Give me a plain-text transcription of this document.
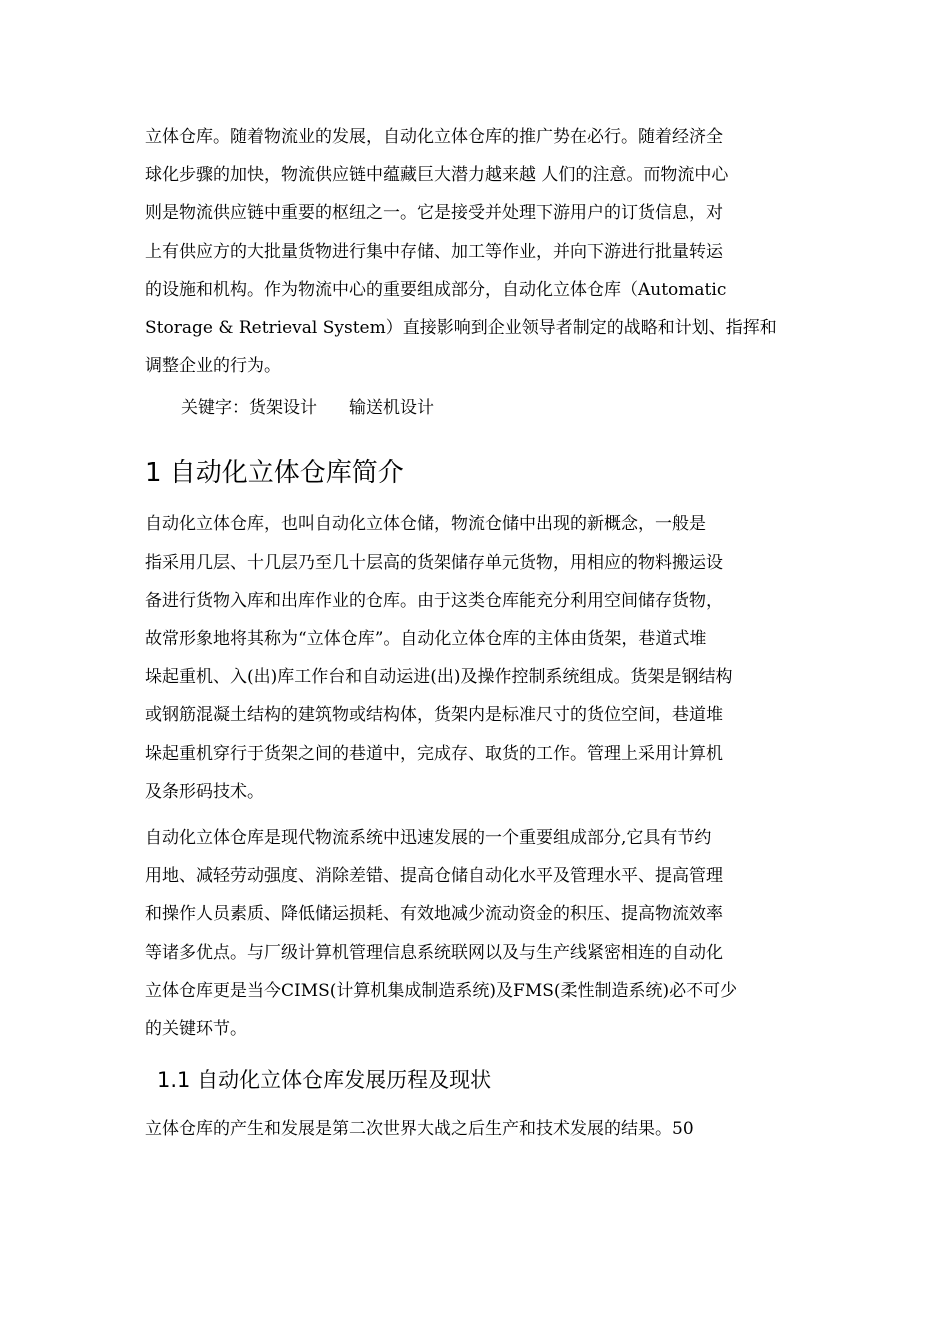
立体仓库。随着物流业的发展，自动化立体仓库的推广势在必行。随着经济全
球化步骤的加快，物流供应链中蕴藏巨大潜力越来越 人们的注意。而物流中心
则是物流供应链中重要的枢纽之一。它是接受并处理下游用户的订货信息，对
上有供应方的大批量货物进行集中存储、加工等作业，并向下游进行批量转运
的设施和机构。作为物流中心的重要组成部分，自动化立体仓库（Automatic
Storage & Retrieval System）直接影响到企业领导者制定的战略和计划、指挥和
调整企业的行为。

关键字：货架设计 输送机设计
1 自动化立体仓库简介

自动化立体仓库，也叫自动化立体仓储，物流仓储中出现的新概念，一般是
指采用几层、十几层乃至几十层高的货架储存单元货物，用相应的物料搬运设
备进行货物入库和出库作业的仓库。由于这类仓库能充分利用空间储存货物，
故常形象地将其称为“立体仓库”。自动化立体仓库的主体由货架，巷道式堆
垛起重机、入(出)库工作台和自动运进(出)及操作控制系统组成。货架是钢结构
或钢筋混凝土结构的建筑物或结构体，货架内是标准尺寸的货位空间，巷道堆
垛起重机穿行于货架之间的巷道中，完成存、取货的工作。管理上采用计算机
及条形码技术。

自动化立体仓库是现代物流系统中迅速发展的一个重要组成部分,它具有节约
用地、减轻劳动强度、消除差错、提高仓储自动化水平及管理水平、提高管理
和操作人员素质、降低储运损耗、有效地减少流动资金的积压、提高物流效率
等诸多优点。与厂级计算机管理信息系统联网以及与生产线紧密相连的自动化
立体仓库更是当今CIMS(计算机集成制造系统)及FMS(柔性制造系统)必不可少
的关键环节。

1.1 自动化立体仓库发展历程及现状

立体仓库的产生和发展是第二次世界大战之后生产和技术发展的结果。50
